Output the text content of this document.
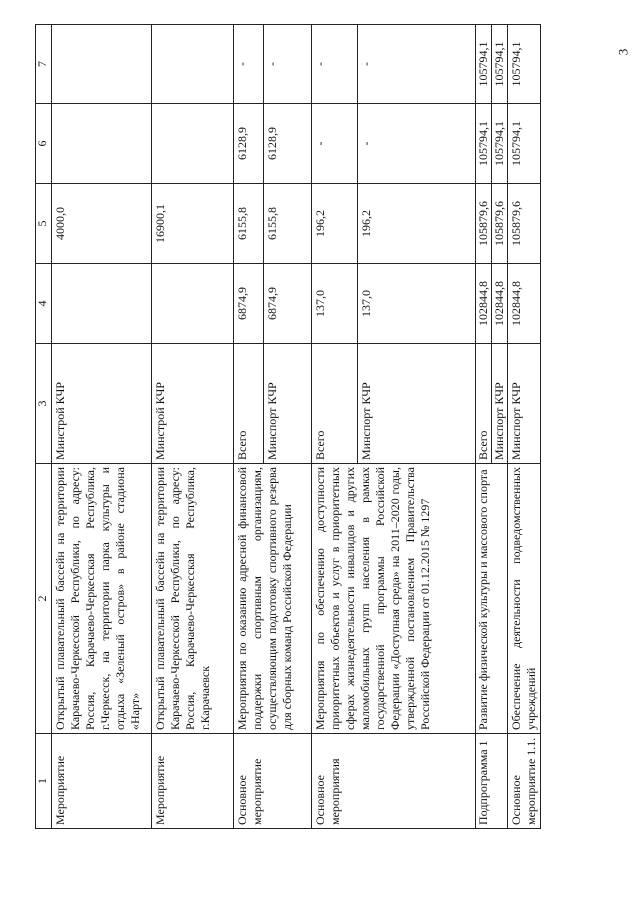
3
1	2	3	4	5	6	7
Мероприятие	Открытый плавательный бассейн на территории Карачаево-Черкесской Республики, по адресу: Россия, Карачаево-Черкесская Республика, г.Черкесск, на территории парка культуры и отдыха «Зеленый остров» в районе стадиона «Нарт»	Минстрой КЧР		4000,0		
Мероприятие	Открытый плавательный бассейн на территории Карачаево-Черкесской Республики, по адресу: Россия, Карачаево-Черкесская Республика, г.Карачаевск	Минстрой КЧР		16900,1		
Основное мероприятие	Мероприятия по оказанию адресной финансовой поддержки спортивным организациям, осуществляющим подготовку спортивного резерва для сборных команд Российской Федерации	Всего	6874,9	6155,8	6128,9	-
		Минспорт КЧР	6874,9	6155,8	6128,9	-
Основное мероприятия	Мероприятия по обеспечению доступности приоритетных объектов и услуг в приоритетных сферах жизнедеятельности инвалидов и других маломобильных групп населения в рамках государственной программы Российской Федерации «Доступная среда» на 2011–2020 годы, утвержденной постановлением Правительства Российской Федерации от 01.12.2015 № 1297	Всего	137,0	196,2	-	-
		Минспорт КЧР	137,0	196,2	-	-
Подпрограмма 1	Развитие физической культуры и массового спорта	Всего	102844,8	105879,6	105794,1	105794,1
		Минспорт КЧР	102844,8	105879,6	105794,1	105794,1
Основное мероприятие 1.1.	Обеспечение деятельности подведомственных учреждений	Минспорт КЧР	102844,8	105879,6	105794,1	105794,1
